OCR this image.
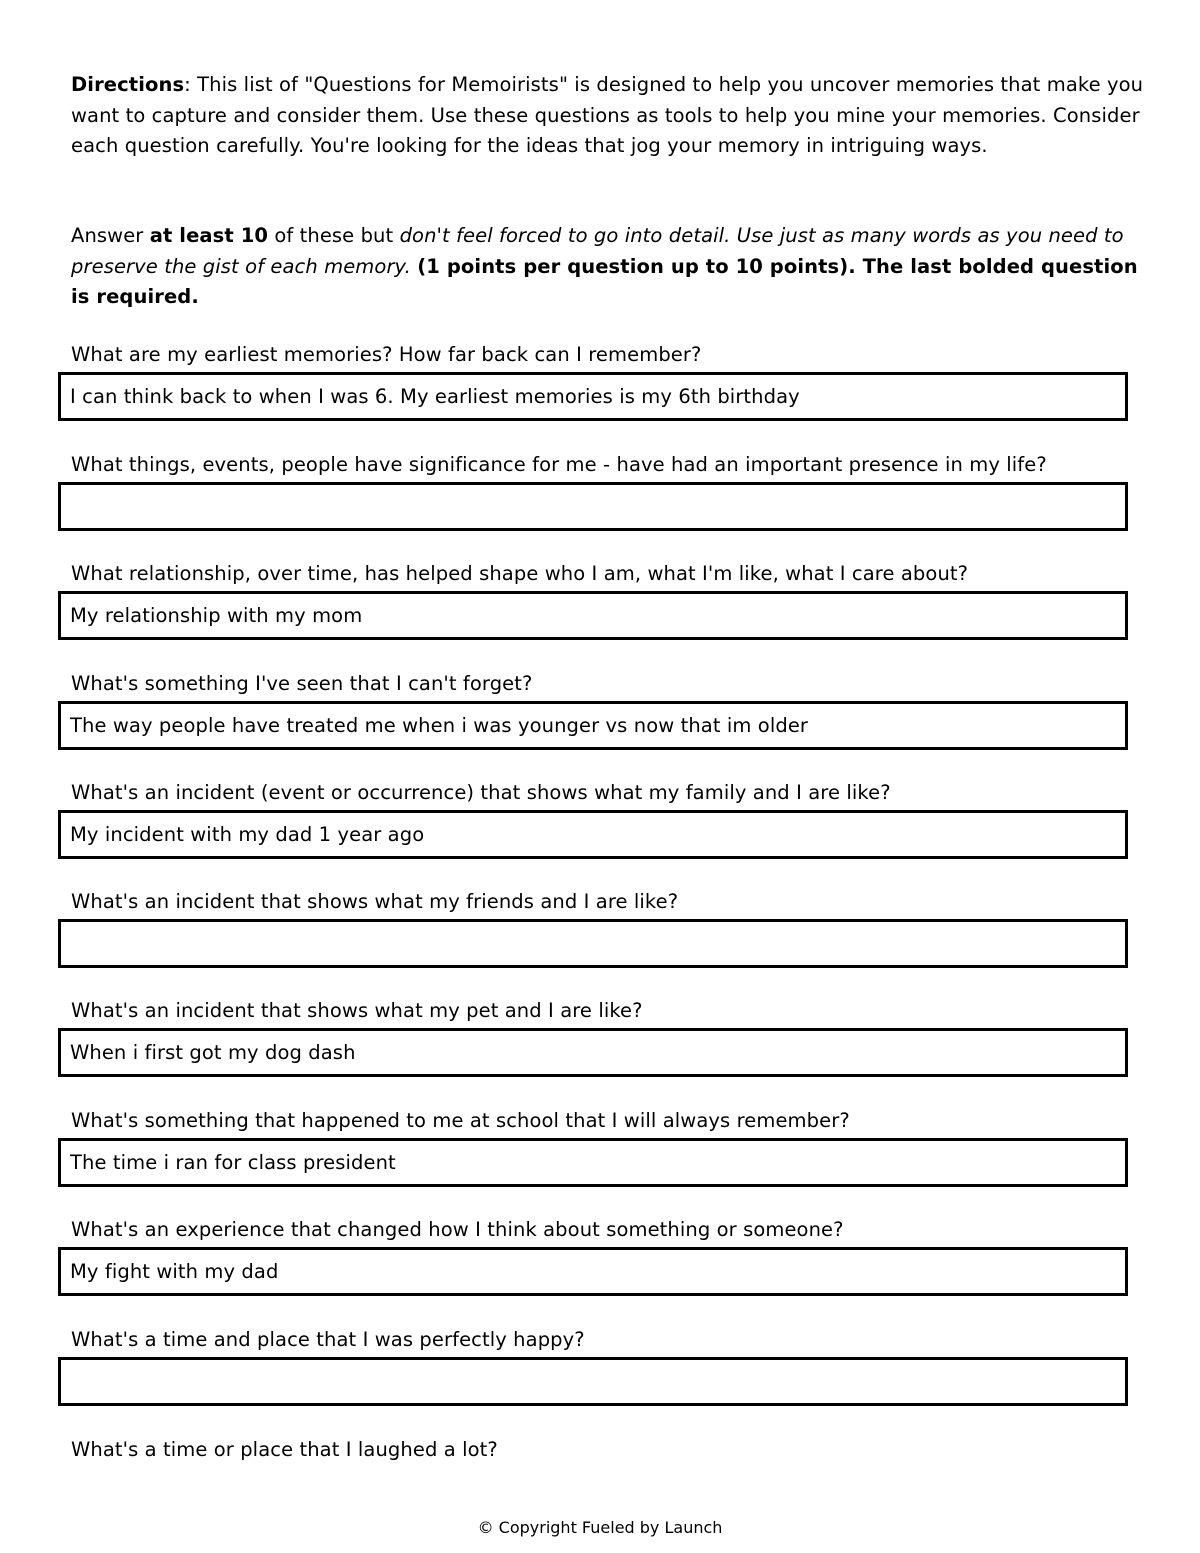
Directions: This list of "Questions for Memoirists" is designed to help you uncover memories that make you want to capture and consider them. Use these questions as tools to help you mine your memories. Consider each question carefully. You're looking for the ideas that jog your memory in intriguing ways.

Answer at least 10 of these but don't feel forced to go into detail. Use just as many words as you need to preserve the gist of each memory. (1 points per question up to 10 points). The last bolded question is required.

What are my earliest memories? How far back can I remember?
I can think back to when I was 6. My earliest memories is my 6th birthday
What things, events, people have significance for me - have had an important presence in my life?
What relationship, over time, has helped shape who I am, what I'm like, what I care about?
My relationship with my mom
What's something I've seen that I can't forget?
The way people have treated me when i was younger vs now that im older
What's an incident (event or occurrence) that shows what my family and I are like?
My incident with my dad 1 year ago
What's an incident that shows what my friends and I are like?
What's an incident that shows what my pet and I are like?
When i first got my dog dash
What's something that happened to me at school that I will always remember?
The time i ran for class president
What's an experience that changed how I think about something or someone?
My fight with my dad
What's a time and place that I was perfectly happy?
What's a time or place that I laughed a lot?
© Copyright Fueled by Launch
